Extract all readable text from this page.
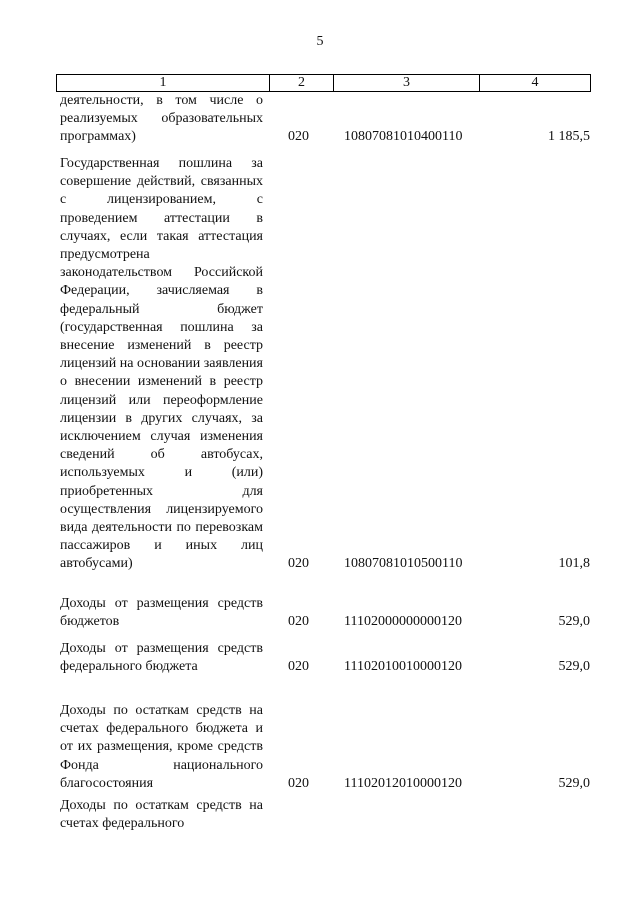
5
1	2	3	4
деятельности, в том числе о реализуемых образовательных программах)	020	10807081010400110	1 185,5
Государственная пошлина за совершение действий, связанных с лицензированием, с проведением аттестации в случаях, если такая аттестация предусмотрена законодательством Российской Федерации, зачисляемая в федеральный бюджет (государственная пошлина за внесение изменений в реестр лицензий на основании заявления о внесении изменений в реестр лицензий или переоформление лицензии в других случаях, за исключением случая изменения сведений об автобусах, используемых и (или) приобретенных для осуществления лицензируемого вида деятельности по перевозкам пассажиров и иных лиц автобусами)	020	10807081010500110	101,8
Доходы от размещения средств бюджетов	020	11102000000000120	529,0
Доходы от размещения средств федерального бюджета	020	11102010010000120	529,0
Доходы по остаткам средств на счетах федерального бюджета и от их размещения, кроме средств Фонда национального благосостояния	020	11102012010000120	529,0
Доходы по остаткам средств на счетах федерального
